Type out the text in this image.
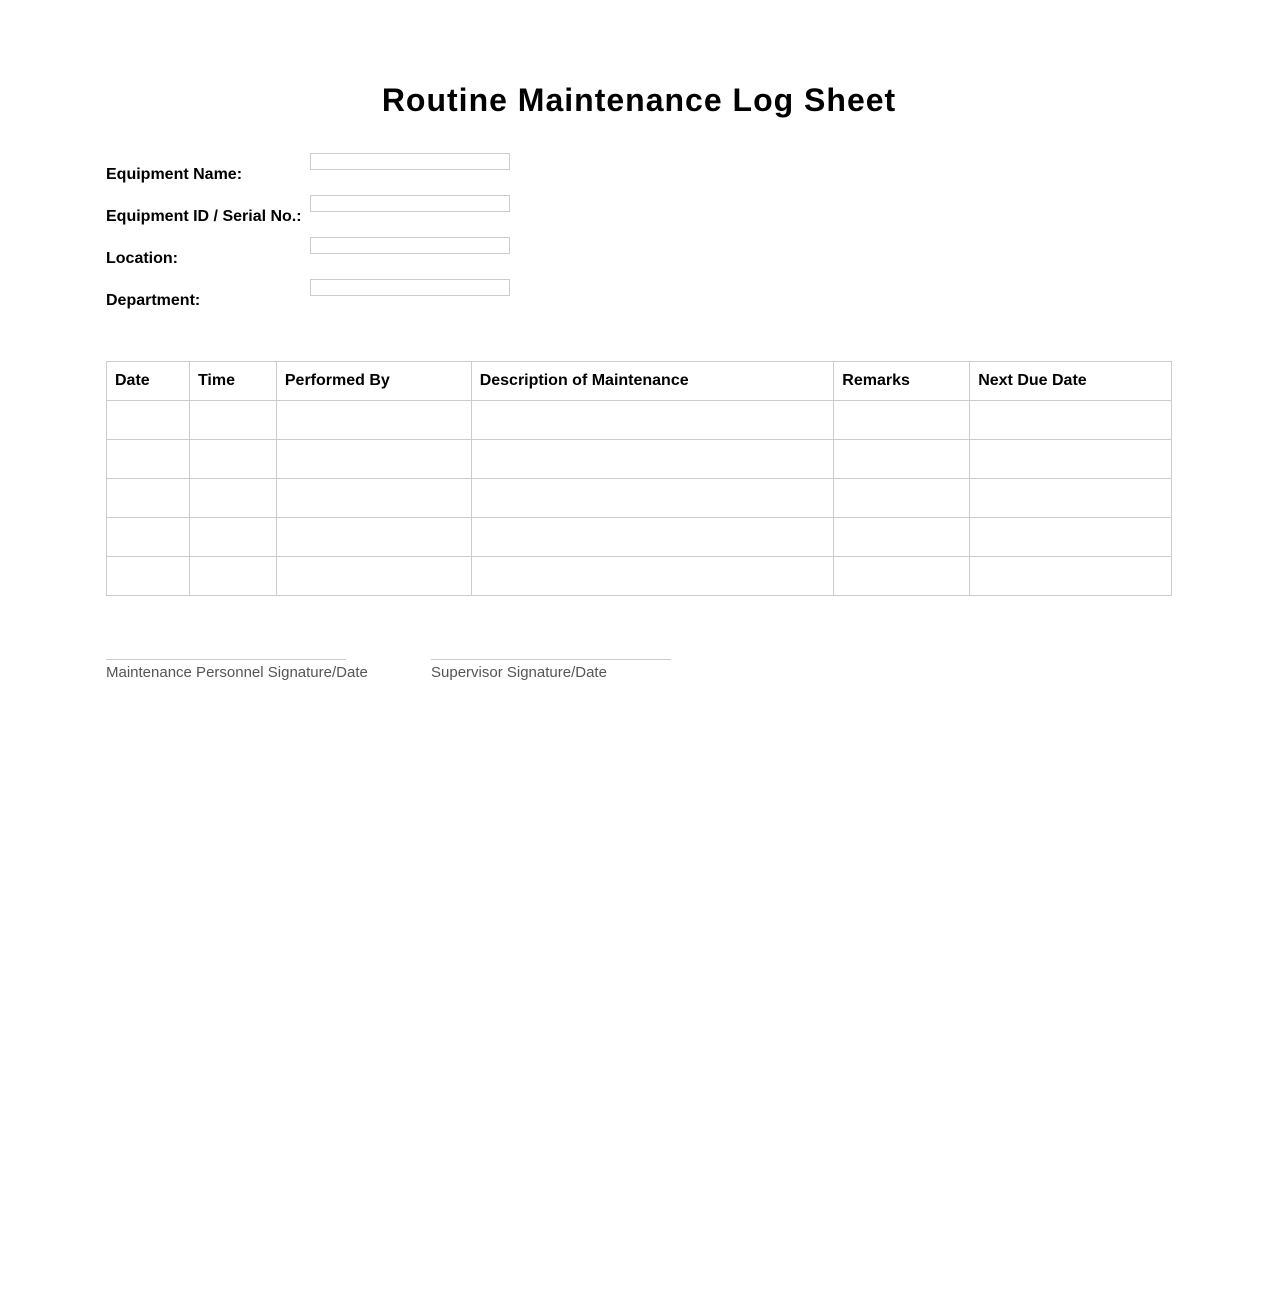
Routine Maintenance Log Sheet
Equipment Name:
Equipment ID / Serial No.:
Location:
Department:
Date	Time	Performed By	Description of Maintenance	Remarks	Next Due Date

Maintenance Personnel Signature/Date	Supervisor Signature/Date
